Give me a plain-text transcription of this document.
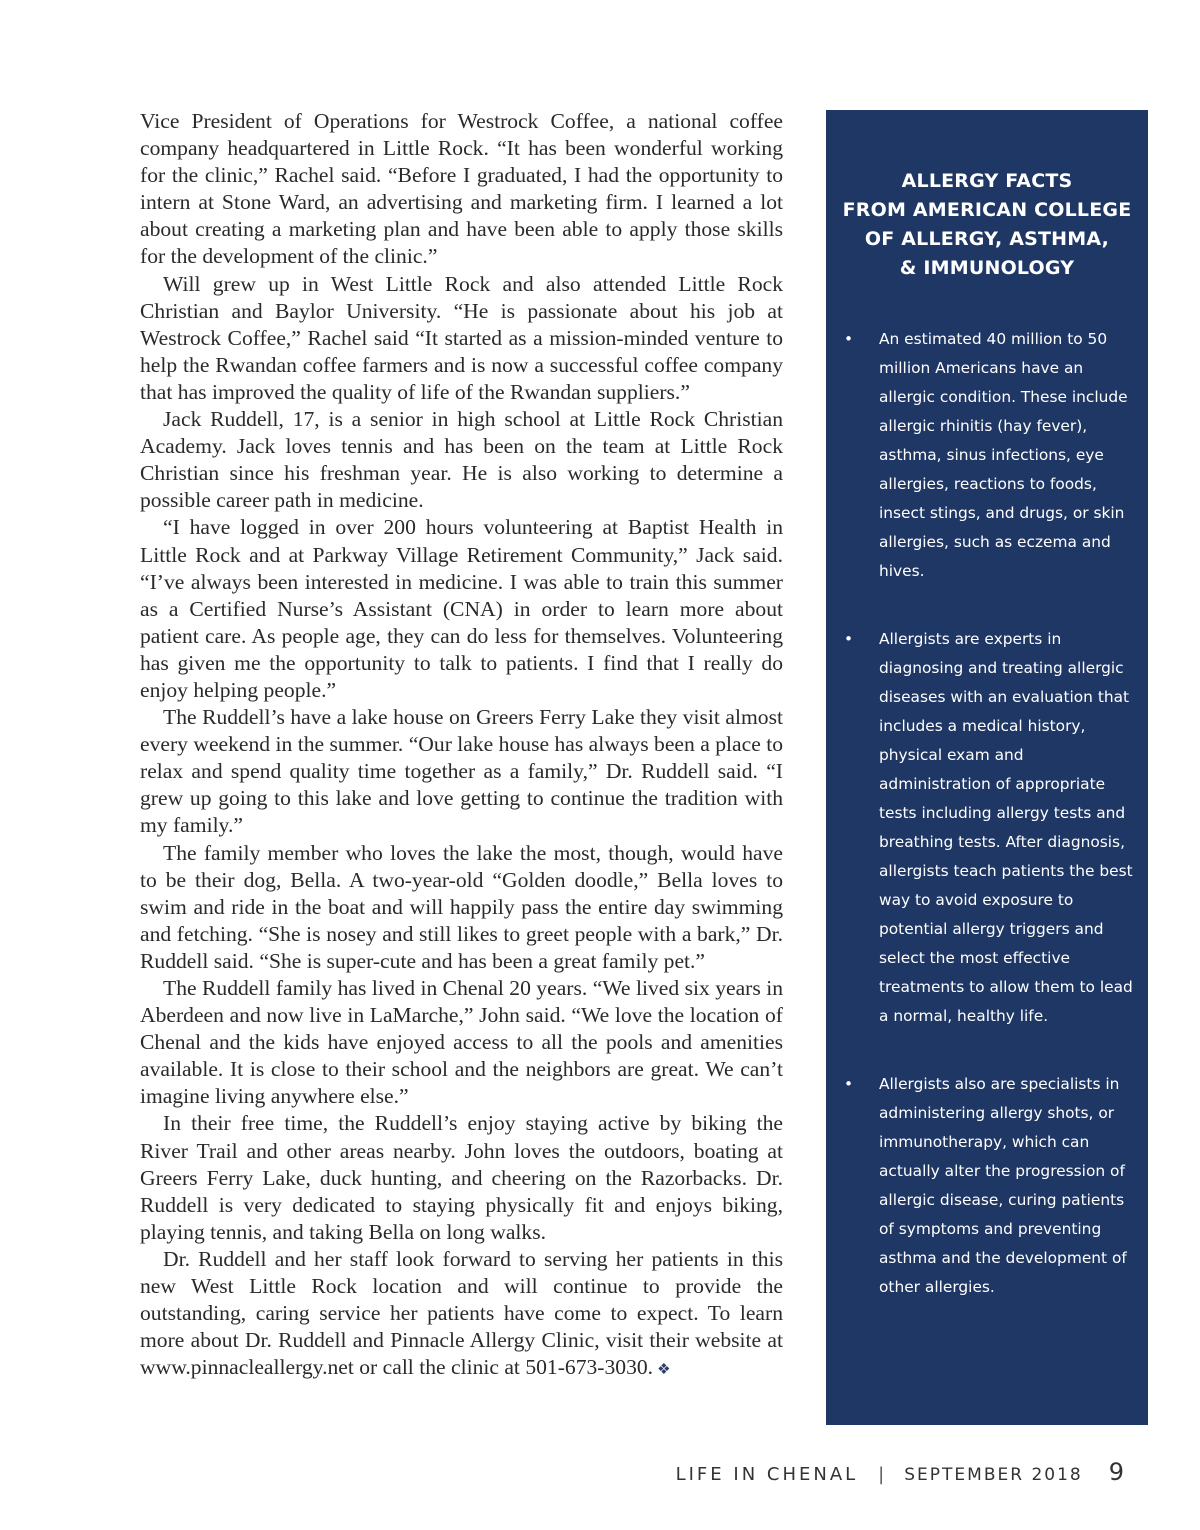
Vice President of Operations for Westrock Coffee, a national coffee company headquartered in Little Rock. “It has been wonderful working for the clinic,” Rachel said. “Before I graduated, I had the opportunity to intern at Stone Ward, an advertising and marketing firm. I learned a lot about creating a marketing plan and have been able to apply those skills for the development of the clinic.”

Will grew up in West Little Rock and also attended Little Rock Christian and Baylor University. “He is passionate about his job at Westrock Coffee,” Rachel said “It started as a mission-minded venture to help the Rwandan coffee farmers and is now a successful coffee company that has improved the quality of life of the Rwandan suppliers.”

Jack Ruddell, 17, is a senior in high school at Little Rock Christian Academy. Jack loves tennis and has been on the team at Little Rock Christian since his freshman year. He is also working to determine a possible career path in medicine.

“I have logged in over 200 hours volunteering at Baptist Health in Little Rock and at Parkway Village Retirement Community,” Jack said. “I’ve always been interested in medicine. I was able to train this summer as a Certified Nurse’s Assistant (CNA) in order to learn more about patient care. As people age, they can do less for themselves. Volunteering has given me the opportunity to talk to patients. I find that I really do enjoy helping people.”

The Ruddell’s have a lake house on Greers Ferry Lake they visit almost every weekend in the summer. “Our lake house has always been a place to relax and spend quality time together as a family,” Dr. Ruddell said. “I grew up going to this lake and love getting to continue the tradition with my family.”

The family member who loves the lake the most, though, would have to be their dog, Bella. A two-year-old “Golden doodle,” Bella loves to swim and ride in the boat and will happily pass the entire day swimming and fetching. “She is nosey and still likes to greet people with a bark,” Dr. Ruddell said. “She is super-cute and has been a great family pet.”

The Ruddell family has lived in Chenal 20 years. “We lived six years in Aberdeen and now live in LaMarche,” John said. “We love the location of Chenal and the kids have enjoyed access to all the pools and amenities available. It is close to their school and the neighbors are great. We can’t imagine living anywhere else.”

In their free time, the Ruddell’s enjoy staying active by biking the River Trail and other areas nearby. John loves the outdoors, boating at Greers Ferry Lake, duck hunting, and cheering on the Razorbacks. Dr. Ruddell is very dedicated to staying physically fit and enjoys biking, playing tennis, and taking Bella on long walks.

Dr. Ruddell and her staff look forward to serving her patients in this new West Little Rock location and will continue to provide the outstanding, caring service her patients have come to expect. To learn more about Dr. Ruddell and Pinnacle Allergy Clinic, visit their website at www.pinnacleallergy.net or call the clinic at 501-673-3030. ❖

ALLERGY FACTS
FROM AMERICAN COLLEGE
OF ALLERGY, ASTHMA,
& IMMUNOLOGY
• An estimated 40 million to 50 million Americans have an allergic condition. These include allergic rhinitis (hay fever), asthma, sinus infections, eye allergies, reactions to foods, insect stings, and drugs, or skin allergies, such as eczema and hives.
• Allergists are experts in diagnosing and treating allergic diseases with an evaluation that includes a medical history, physical exam and administration of appropriate tests including allergy tests and breathing tests. After diagnosis, allergists teach patients the best way to avoid exposure to potential allergy triggers and select the most effective treatments to allow them to lead a normal, healthy life.
• Allergists also are specialists in administering allergy shots, or immunotherapy, which can actually alter the progression of allergic disease, curing patients of symptoms and preventing asthma and the development of other allergies.
LIFE IN CHENAL | SEPTEMBER 2018 9
